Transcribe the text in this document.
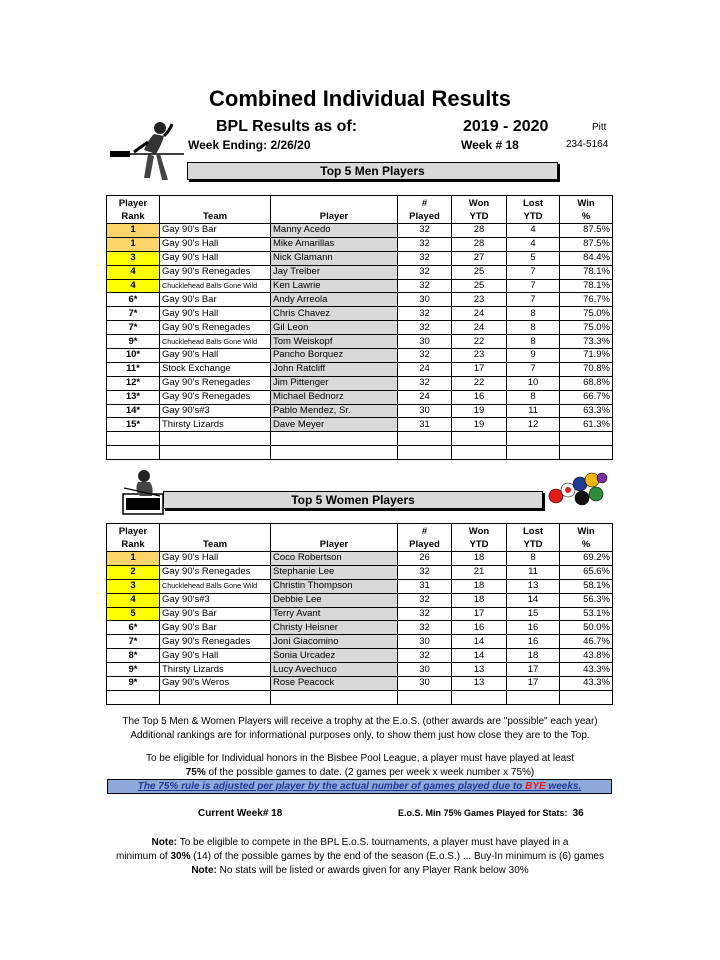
Combined Individual Results
BPL Results as of:	2019 - 2020	Pitt
Week Ending: 2/26/20	Week # 18	234-5164
Top 5 Men Players
Player			#	Won	Lost	Win
Rank	Team	Player	Played	YTD	YTD	%
1	Gay 90's Bar	Manny Acedo	32	28	4	87.5%
1	Gay 90's Hall	Mike Amarillas	32	28	4	87.5%
3	Gay 90's Hall	Nick Glamann	32	27	5	84.4%
4	Gay 90's Renegades	Jay Treiber	32	25	7	78.1%
4	Chucklehead Balls Gone Wild	Ken Lawrie	32	25	7	78.1%
6*	Gay 90's Bar	Andy Arreola	30	23	7	76.7%
7*	Gay 90's Hall	Chris Chavez	32	24	8	75.0%
7*	Gay 90's Renegades	Gil Leon	32	24	8	75.0%
9*	Chucklehead Balls Gone Wild	Tom Weiskopf	30	22	8	73.3%
10*	Gay 90's Hall	Pancho Borquez	32	23	9	71.9%
11*	Stock Exchange	John Ratcliff	24	17	7	70.8%
12*	Gay 90's Renegades	Jim Pittenger	32	22	10	68.8%
13*	Gay 90's Renegades	Michael Bednorz	24	16	8	66.7%
14*	Gay 90's#3	Pablo Mendez, Sr.	30	19	11	63.3%
15*	Thirsty Lizards	Dave Meyer	31	19	12	61.3%

Top 5 Women Players
Player			#	Won	Lost	Win
Rank	Team	Player	Played	YTD	YTD	%
1	Gay 90's Hall	Coco Robertson	26	18	8	69.2%
2	Gay 90's Renegades	Stephanie Lee	32	21	11	65.6%
3	Chucklehead Balls Gone Wild	Christin Thompson	31	18	13	58.1%
4	Gay 90's#3	Debbie Lee	32	18	14	56.3%
5	Gay 90's Bar	Terry Avant	32	17	15	53.1%
6*	Gay 90's Bar	Christy Heisner	32	16	16	50.0%
7*	Gay 90's Renegades	Joni Giacomino	30	14	16	46.7%
8*	Gay 90's Hall	Sonia Urcadez	32	14	18	43.8%
9*	Thirsty Lizards	Lucy Avechuco	30	13	17	43.3%
9*	Gay 90's Weros	Rose Peacock	30	13	17	43.3%

The Top 5 Men & Women Players will receive a trophy at the E.o.S. (other awards are "possible" each year)
Additional rankings are for informational purposes only, to show them just how close they are to the Top.
To be eligible for Individual honors in the Bisbee Pool League, a player must have played at least
75% of the possible games to date. (2 games per week x week number x 75%)
The 75% rule is adjusted per player by the actual number of games played due to BYE weeks.
Current Week# 18	E.o.S. Min 75% Games Played for Stats: 36
Note: To be eligible to compete in the BPL E.o.S. tournaments, a player must have played in a
minimum of 30% (14) of the possible games by the end of the season (E.o.S.) ... Buy-In minimum is (6) games
Note: No stats will be listed or awards given for any Player Rank below 30%
